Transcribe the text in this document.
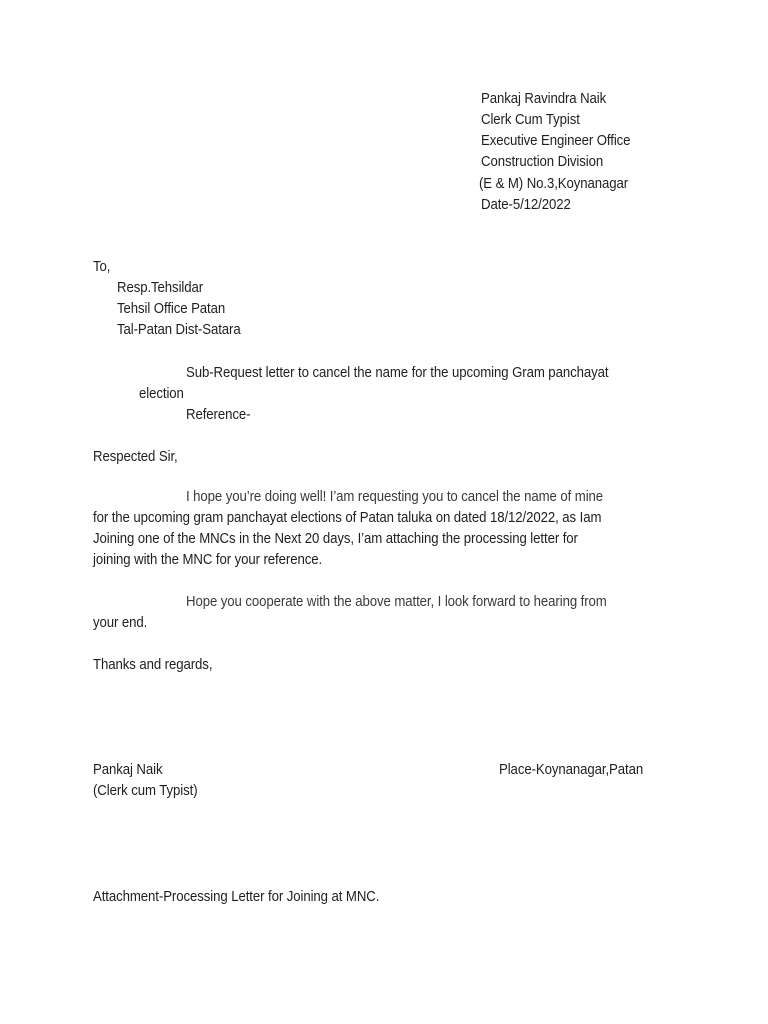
Pankaj Ravindra Naik
Clerk Cum Typist
Executive Engineer Office
Construction Division
(E & M) No.3,Koynanagar
Date-5/12/2022
To,
Resp.Tehsildar
Tehsil Office Patan
Tal-Patan Dist-Satara
Sub-Request letter to cancel the name for the upcoming Gram panchayat
election
Reference-
Respected Sir,
I hope you’re doing well! I’am requesting you to cancel the name of mine
for the upcoming gram panchayat elections of Patan taluka on dated 18/12/2022, as Iam
Joining one of the MNCs in the Next 20 days, I’am attaching the processing letter for
joining with the MNC for your reference.
Hope you cooperate with the above matter, I look forward to hearing from
your end.
Thanks and regards,
Pankaj Naik
(Clerk cum Typist)
Place-Koynanagar,Patan
Attachment-Processing Letter for Joining at MNC.
